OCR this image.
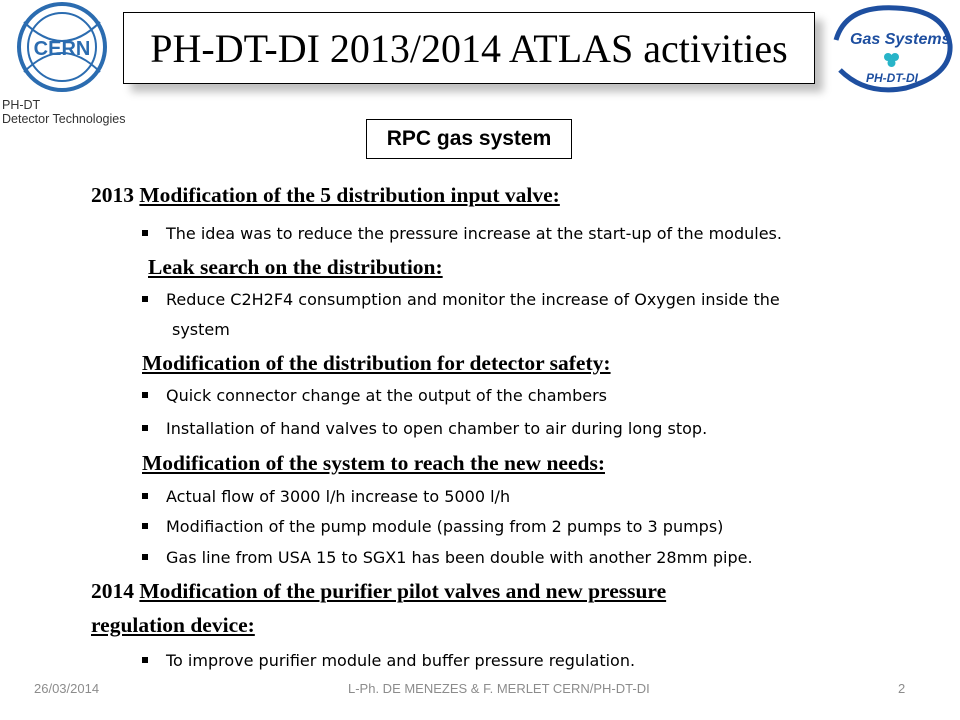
CERN
PH-DT
Detector Technologies
PH-DT-DI 2013/2014 ATLAS activities	Gas Systems
PH-DT-DI
RPC gas system
2013 Modification of the 5 distribution input valve:
The idea was to reduce the pressure increase at the start-up of the modules.
Leak search on the distribution:
Reduce C2H2F4 consumption and monitor the increase of Oxygen inside the
system
Modification of the distribution for detector safety:
Quick connector change at the output of the chambers
Installation of hand valves to open chamber to air during long stop.
Modification of the system to reach the new needs:
Actual flow of 3000 l/h increase to 5000 l/h
Modifiaction of the pump module (passing from 2 pumps to 3 pumps)
Gas line from USA 15 to SGX1 has been double with another 28mm pipe.
2014 Modification of the purifier pilot valves and new pressure
regulation device:
To improve purifier module and buffer pressure regulation.
26/03/2014	L-Ph. DE MENEZES & F. MERLET CERN/PH-DT-DI	2
